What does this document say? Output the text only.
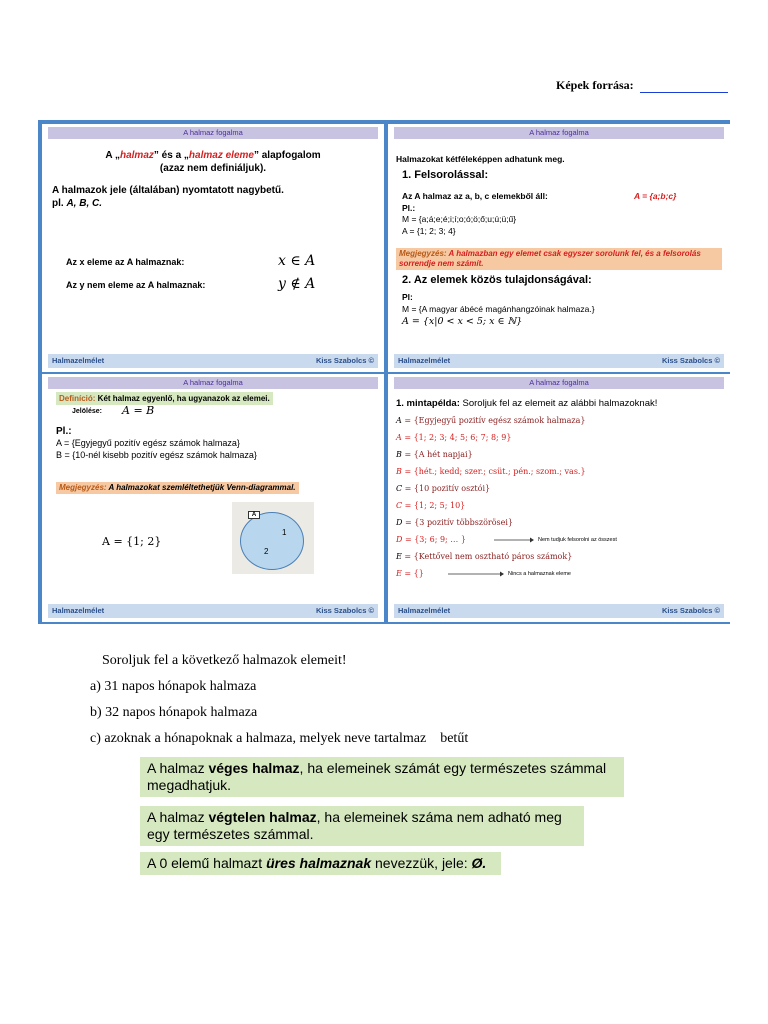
Képek forrása:
A halmaz fogalma
A „halmaz” és a „halmaz eleme” alapfogalom
(azaz nem definiáljuk).
A halmazok jele (általában) nyomtatott nagybetű.
pl. A, B, C.
Az x eleme az A halmaznak:	x ∈ A
Az y nem eleme az A halmaznak:	y ∉ A
Halmazelmélet	Kiss Szabolcs ©
A halmaz fogalma
Halmazokat kétféleképpen adhatunk meg.
1. Felsorolással:
Az A halmaz az a, b, c elemekből áll:	A = {a;b;c}
Pl.:
M = {a;á;e;é;i;í;o;ó;ö;ő;u;ú;ü;ű}
A = {1; 2; 3; 4}
Megjegyzés: A halmazban egy elemet csak egyszer sorolunk fel, és a felsorolás sorrendje nem számít.
2. Az elemek közös tulajdonságával:
Pl:
M = {A magyar ábécé magánhangzóinak halmaza.}
A = {x|0 < x < 5; x ∈ ℕ}
Halmazelmélet	Kiss Szabolcs ©
A halmaz fogalma
Definíció: Két halmaz egyenlő, ha ugyanazok az elemei.
Jelölése: A = B
Pl.:
A = {Egyjegyű pozitív egész számok halmaza}
B = {10-nél kisebb pozitív egész számok halmaza}
Megjegyzés: A halmazokat szemléltethetjük Venn-diagrammal.
A = {1; 2}
A
1
2
Halmazelmélet	Kiss Szabolcs ©
A halmaz fogalma
1. mintapélda: Soroljuk fel az elemeit az alábbi halmazoknak!
A = {Egyjegyű pozitív egész számok halmaza}
A = {1; 2; 3; 4; 5; 6; 7; 8; 9}
B = {A hét napjai}
B = {hét.; kedd; szer.; csüt.; pén.; szom.; vas.}
C = {10 pozitív osztói}
C = {1; 2; 5; 10}
D = {3 pozitív többszörösei}
D = {3; 6; 9; … }
E = {Kettővel nem osztható páros számok}
E = {}
Nem tudjuk felsorolni az összest
Nincs a halmaznak eleme
Halmazelmélet	Kiss Szabolcs ©
Soroljuk fel a következő halmazok elemeit!
a) 31 napos hónapok halmaza
b) 32 napos hónapok halmaza
c) azoknak a hónapoknak a halmaza, melyek neve tartalmaz    betűt
A halmaz véges halmaz, ha elemeinek számát egy természetes számmal megadhatjuk.
A halmaz végtelen halmaz, ha elemeinek száma nem adható meg egy természetes számmal.
A 0 elemű halmazt üres halmaznak nevezzük, jele: Ø.
